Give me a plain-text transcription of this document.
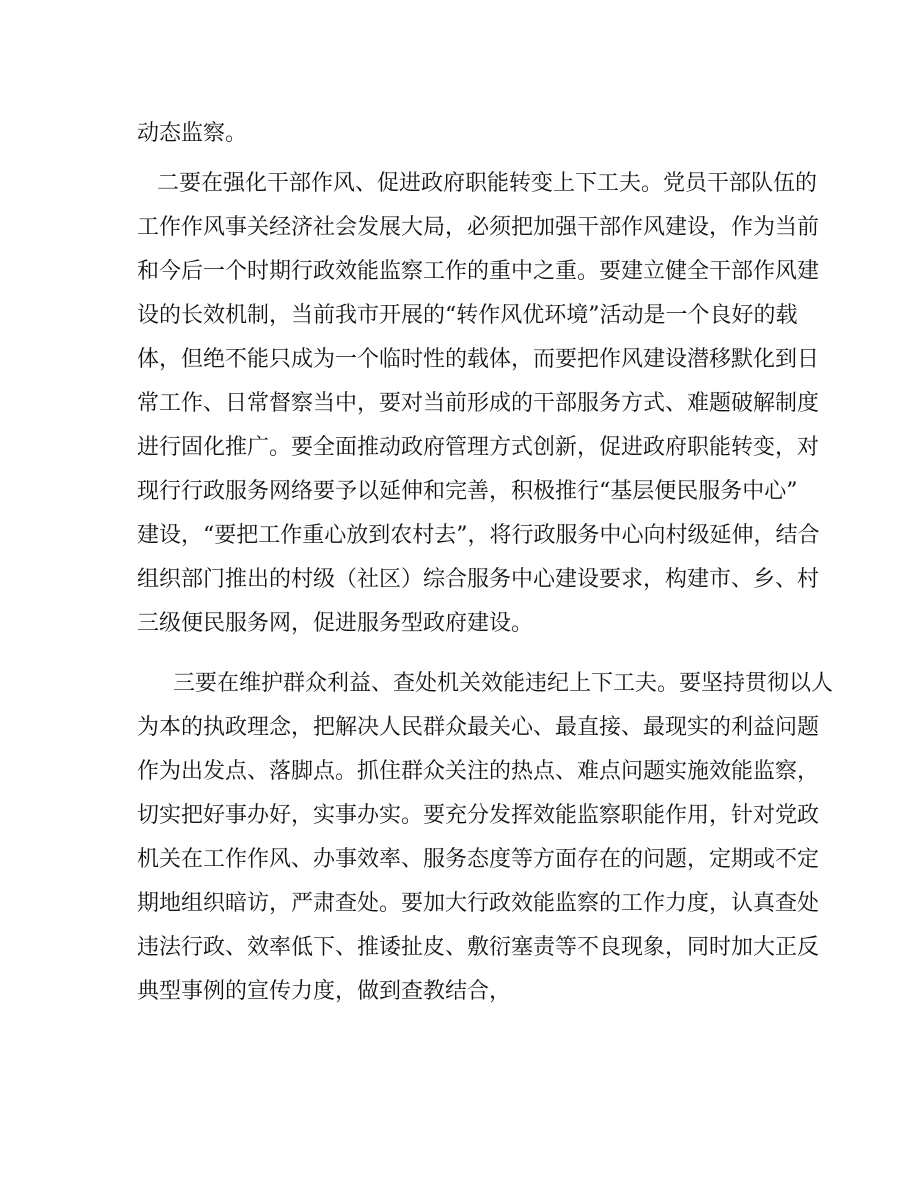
动态监察。
二要在强化干部作风、促进政府职能转变上下工夫。党员干部队伍的
工作作风事关经济社会发展大局，必须把加强干部作风建设，作为当前
和今后一个时期行政效能监察工作的重中之重。要建立健全干部作风建
设的长效机制，当前我市开展的“转作风优环境”活动是一个良好的载
体，但绝不能只成为一个临时性的载体，而要把作风建设潜移默化到日
常工作、日常督察当中，要对当前形成的干部服务方式、难题破解制度
进行固化推广。要全面推动政府管理方式创新，促进政府职能转变，对
现行行政服务网络要予以延伸和完善，积极推行“基层便民服务中心”
建设，“要把工作重心放到农村去”，将行政服务中心向村级延伸，结合
组织部门推出的村级（社区）综合服务中心建设要求，构建市、乡、村
三级便民服务网，促进服务型政府建设。
三要在维护群众利益、查处机关效能违纪上下工夫。要坚持贯彻以人
为本的执政理念，把解决人民群众最关心、最直接、最现实的利益问题
作为出发点、落脚点。抓住群众关注的热点、难点问题实施效能监察，
切实把好事办好，实事办实。要充分发挥效能监察职能作用，针对党政
机关在工作作风、办事效率、服务态度等方面存在的问题，定期或不定
期地组织暗访，严肃查处。要加大行政效能监察的工作力度，认真查处
违法行政、效率低下、推诿扯皮、敷衍塞责等不良现象，同时加大正反
典型事例的宣传力度，做到查教结合，
